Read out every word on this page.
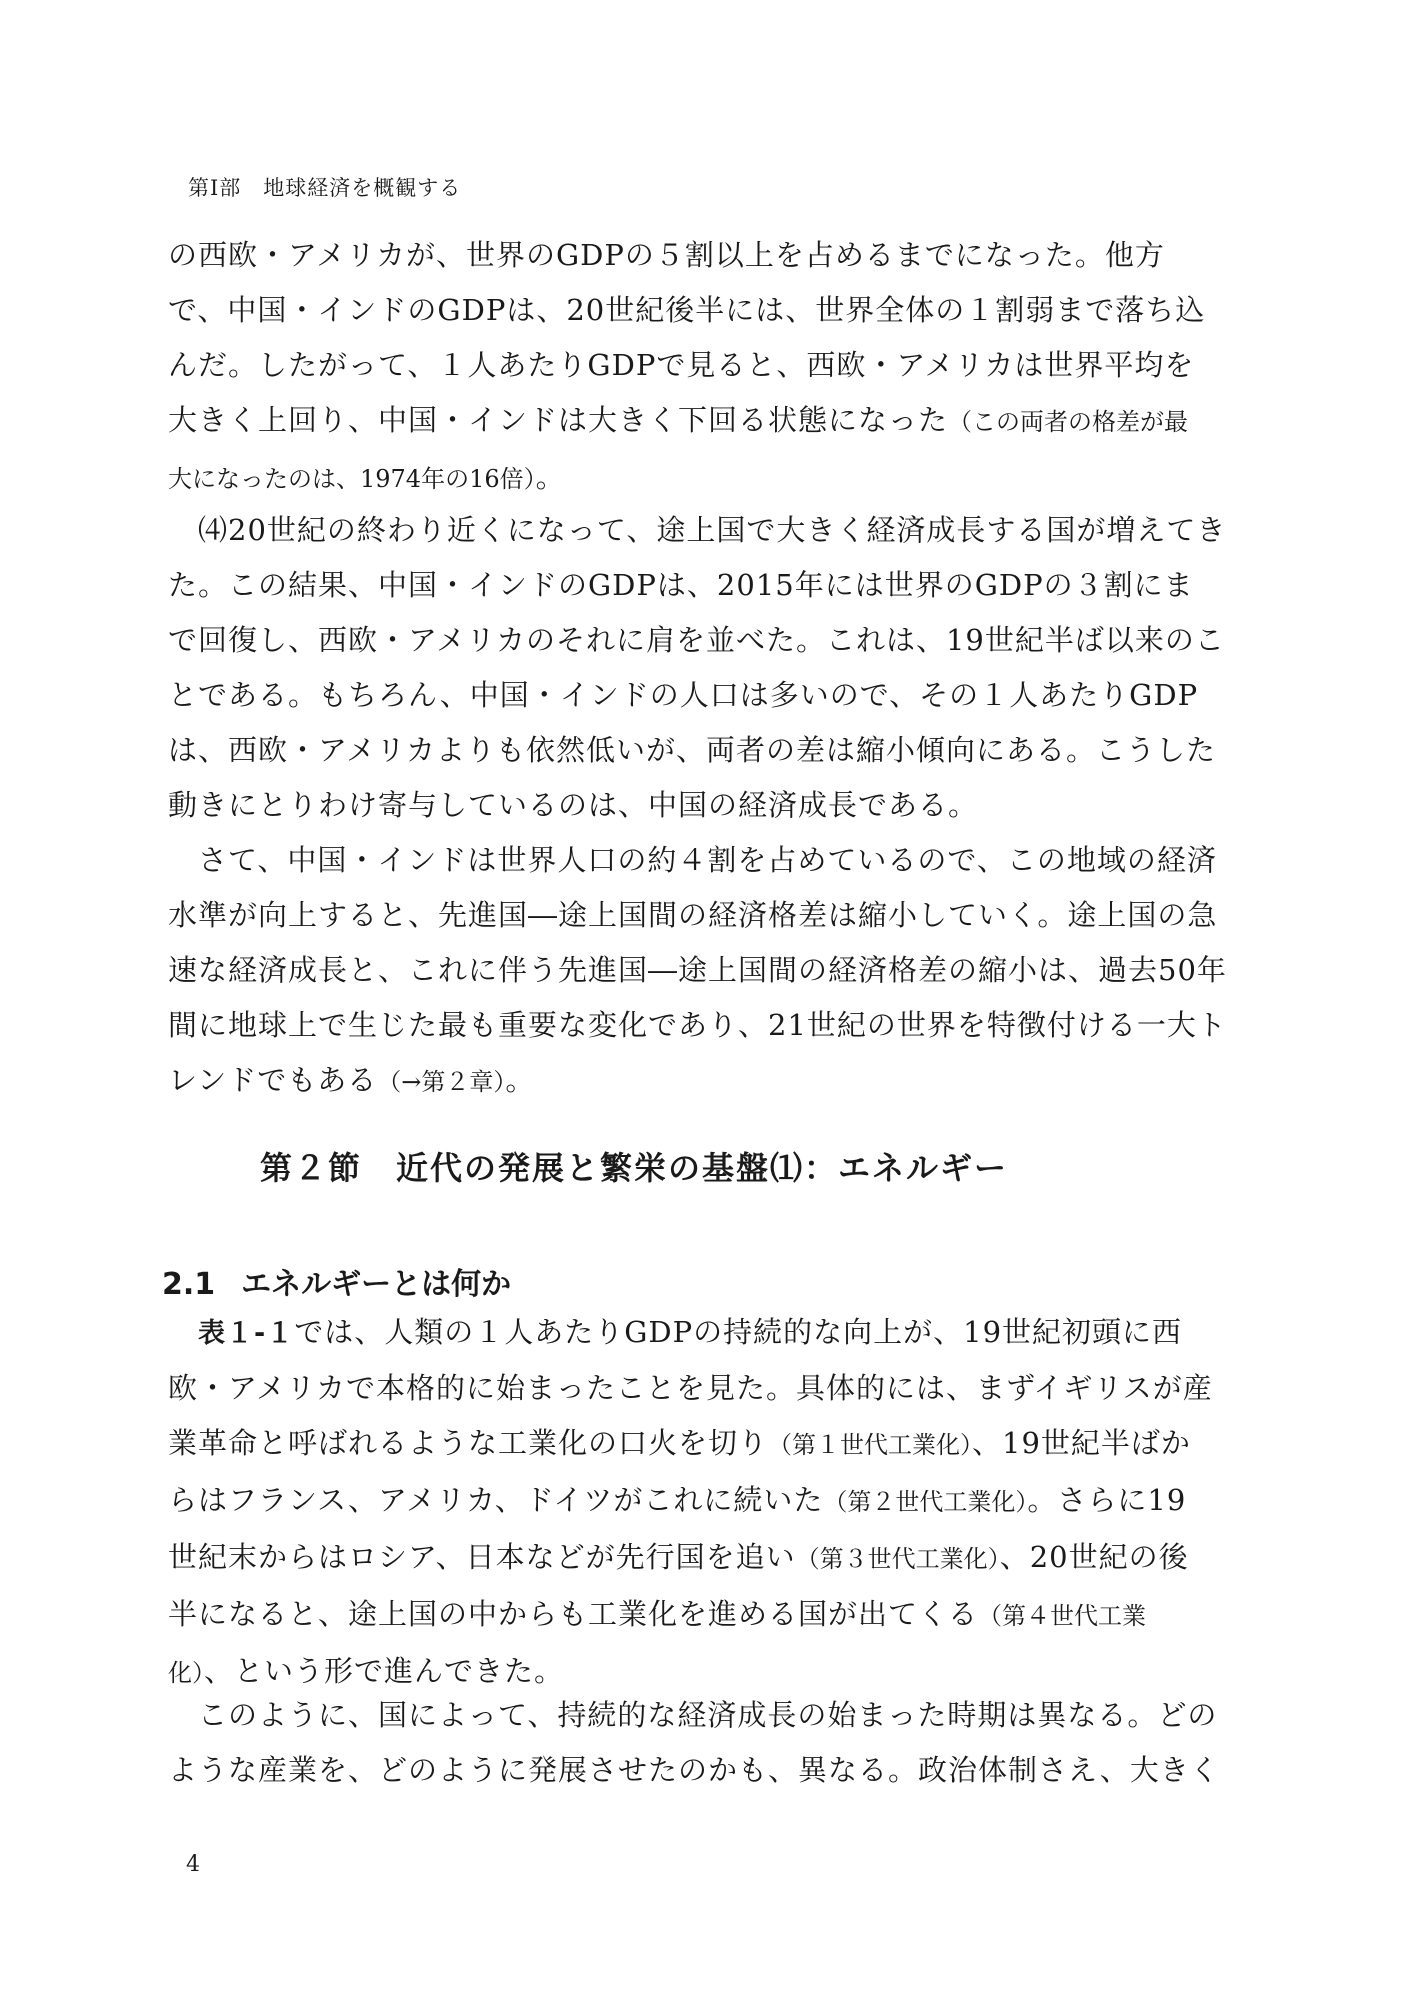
第Ⅰ部　地球経済を概観する
の西欧・アメリカが、世界のGDPの５割以上を占めるまでになった。他方
で、中国・インドのGDPは、20世紀後半には、世界全体の１割弱まで落ち込
んだ。したがって、１人あたりGDPで見ると、西欧・アメリカは世界平均を
大きく上回り、中国・インドは大きく下回る状態になった（この両者の格差が最
大になったのは、1974年の16倍）。
⑷20世紀の終わり近くになって、途上国で大きく経済成長する国が増えてき
た。この結果、中国・インドのGDPは、2015年には世界のGDPの３割にま
で回復し、西欧・アメリカのそれに肩を並べた。これは、19世紀半ば以来のこ
とである。もちろん、中国・インドの人口は多いので、その１人あたりGDP
は、西欧・アメリカよりも依然低いが、両者の差は縮小傾向にある。こうした
動きにとりわけ寄与しているのは、中国の経済成長である。
さて、中国・インドは世界人口の約４割を占めているので、この地域の経済
水準が向上すると、先進国―途上国間の経済格差は縮小していく。途上国の急
速な経済成長と、これに伴う先進国―途上国間の経済格差の縮小は、過去50年
間に地球上で生じた最も重要な変化であり、21世紀の世界を特徴付ける一大ト
レンドでもある（→第２章）。
第２節　近代の発展と繁栄の基盤⑴：エネルギー
2.1 エネルギーとは何か
表１‐１では、人類の１人あたりGDPの持続的な向上が、19世紀初頭に西
欧・アメリカで本格的に始まったことを見た。具体的には、まずイギリスが産
業革命と呼ばれるような工業化の口火を切り（第１世代工業化）、19世紀半ばか
らはフランス、アメリカ、ドイツがこれに続いた（第２世代工業化）。さらに19
世紀末からはロシア、日本などが先行国を追い（第３世代工業化）、20世紀の後
半になると、途上国の中からも工業化を進める国が出てくる（第４世代工業
化）、という形で進んできた。
このように、国によって、持続的な経済成長の始まった時期は異なる。どの
ような産業を、どのように発展させたのかも、異なる。政治体制さえ、大きく
4
